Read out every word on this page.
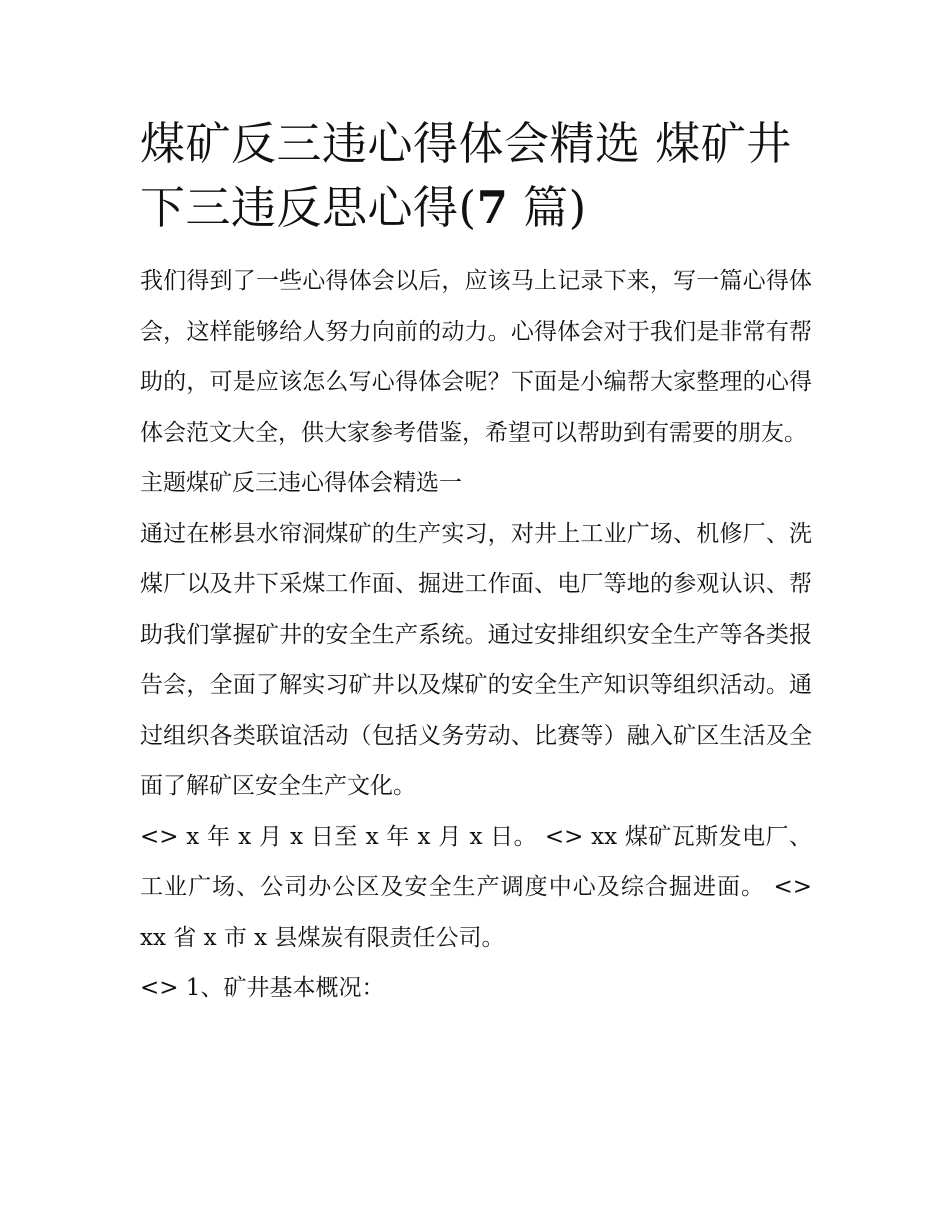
煤矿反三违心得体会精选 煤矿井下三违反思心得(7 篇)

我们得到了一些心得体会以后，应该马上记录下来，写一篇心得体会，这样能够给人努力向前的动力。心得体会对于我们是非常有帮助的，可是应该怎么写心得体会呢？下面是小编帮大家整理的心得体会范文大全，供大家参考借鉴，希望可以帮助到有需要的朋友。

主题煤矿反三违心得体会精选一

通过在彬县水帘洞煤矿的生产实习，对井上工业广场、机修厂、洗煤厂以及井下采煤工作面、掘进工作面、电厂等地的参观认识、帮助我们掌握矿井的安全生产系统。通过安排组织安全生产等各类报告会，全面了解实习矿井以及煤矿的安全生产知识等组织活动。通过组织各类联谊活动（包括义务劳动、比赛等）融入矿区生活及全面了解矿区安全生产文化。

<> x 年 x 月 x 日至 x 年 x 月 x 日。 <> xx 煤矿瓦斯发电厂、工业广场、公司办公区及安全生产调度中心及综合掘进面。 <> xx 省 x 市 x 县煤炭有限责任公司。

<> 1、矿井基本概况：
